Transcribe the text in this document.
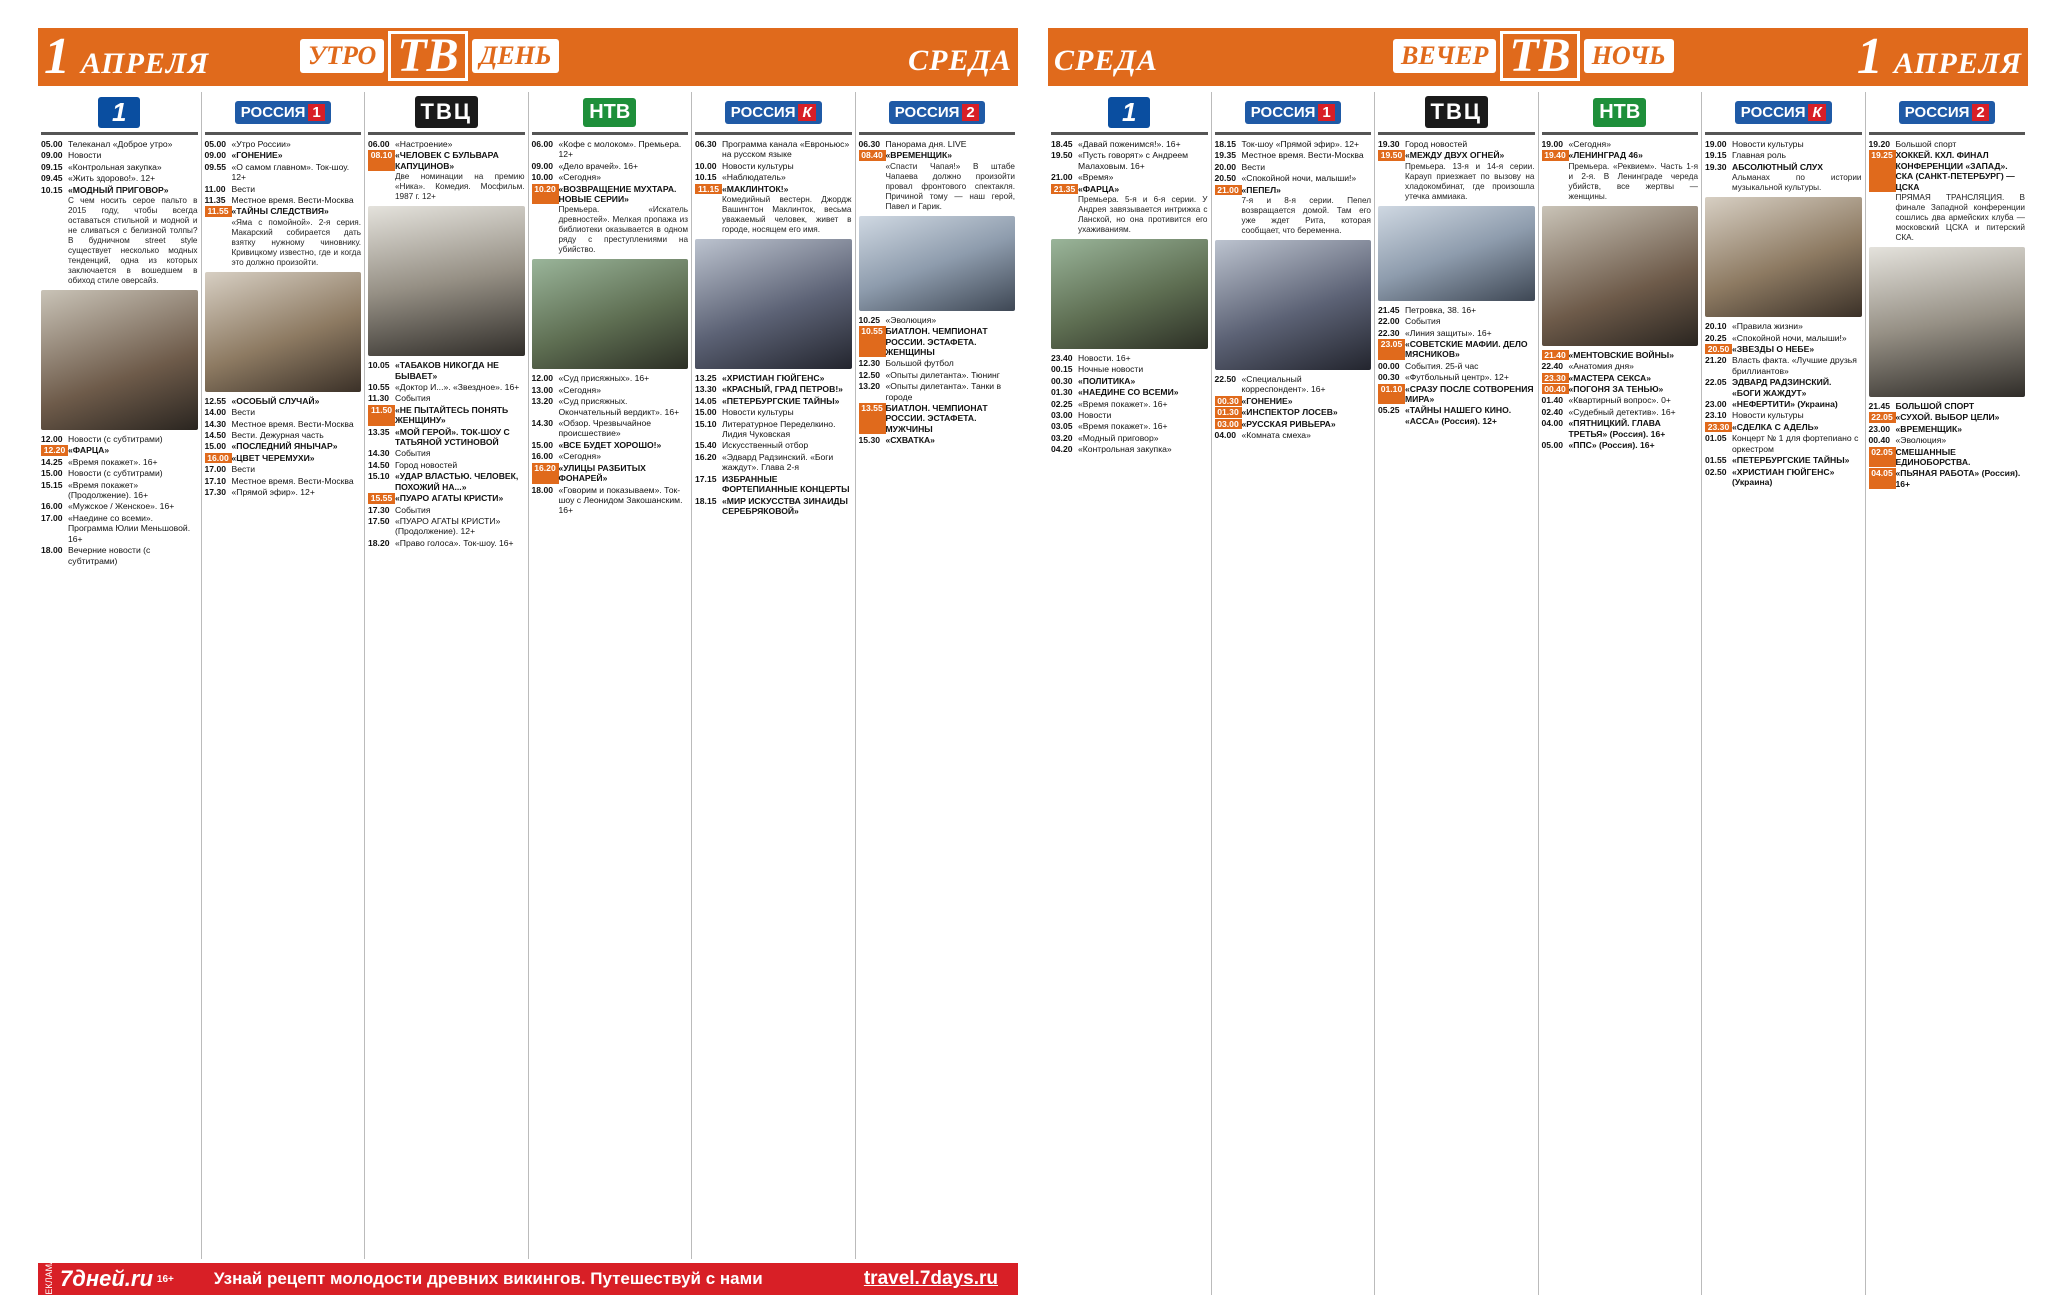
1 АПРЕЛЯ	УТРО ТВ ДЕНЬ	СРЕДА
1
05.00 Телеканал «Доброе утро»
09.00 Новости
09.15 «Контрольная закупка»
09.45 «Жить здорово!». 12+
10.15 «МОДНЫЙ ПРИГОВОР»
С чем носить серое пальто в 2015 году, чтобы всегда оставаться стильной и модной и не сливаться с белизной толпы? В будничном street style существует несколько модных тенденций, одна из которых заключается в вошедшем в обиход стиле оверсайз.
12.00 Новости (с субтитрами)
12.20 «ФАРЦА»
14.25 «Время покажет». 16+
15.00 Новости (с субтитрами)
15.15 «Время покажет» (Продолжение). 16+
16.00 «Мужское / Женское». 16+
17.00 «Наедине со всеми». Программа Юлии Меньшовой. 16+
18.00 Вечерние новости (с субтитрами)
РОССИЯ 1
05.00 «Утро России»
09.00 «ГОНЕНИЕ»
09.55 «О самом главном». Ток-шоу. 12+
11.00 Вести
11.35 Местное время. Вести-Москва
11.55 «ТАЙНЫ СЛЕДСТВИЯ»
«Яма с помойной». 2-я серия. Макарский собирается дать взятку нужному чиновнику. Кривицкому известно, где и когда это должно произойти.
12.55 «ОСОБЫЙ СЛУЧАЙ»
14.00 Вести
14.30 Местное время. Вести-Москва
14.50 Вести. Дежурная часть
15.00 «ПОСЛЕДНИЙ ЯНЫЧАР»
16.00 «ЦВЕТ ЧЕРЕМУХИ»
17.00 Вести
17.10 Местное время. Вести-Москва
17.30 «Прямой эфир». 12+
ТВЦ
06.00 «Настроение»
08.10 «ЧЕЛОВЕК С БУЛЬВАРА КАПУЦИНОВ»
Две номинации на премию «Ника». Комедия. Мосфильм. 1987 г. 12+
10.05 «ТАБАКОВ НИКОГДА НЕ БЫВАЕТ»
10.55 «Доктор И...». «Звездное». 16+
11.30 События
11.50 «НЕ ПЫТАЙТЕСЬ ПОНЯТЬ ЖЕНЩИНУ»
13.35 «МОЙ ГЕРОЙ». ТОК-ШОУ С ТАТЬЯНОЙ УСТИНОВОЙ
14.30 События
14.50 Город новостей
15.10 «УДАР ВЛАСТЬЮ. ЧЕЛОВЕК, ПОХОЖИЙ НА...»
15.55 «ПУАРО АГАТЫ КРИСТИ»
17.30 События
17.50 «ПУАРО АГАТЫ КРИСТИ» (Продолжение). 12+
18.20 «Право голоса». Ток-шоу. 16+
НТВ
06.00 «Кофе с молоком». Премьера. 12+
09.00 «Дело врачей». 16+
10.00 «Сегодня»
10.20 «ВОЗВРАЩЕНИЕ МУХТАРА. НОВЫЕ СЕРИИ»
Премьера. «Искатель древностей». Мелкая пропажа из библиотеки оказывается в одном ряду с преступлениями на убийство.
12.00 «Суд присяжных». 16+
13.00 «Сегодня»
13.20 «Суд присяжных. Окончательный вердикт». 16+
14.30 «Обзор. Чрезвычайное происшествие»
15.00 «ВСЕ БУДЕТ ХОРОШО!»
16.00 «Сегодня»
16.20 «УЛИЦЫ РАЗБИТЫХ ФОНАРЕЙ»
18.00 «Говорим и показываем». Ток-шоу с Леонидом Закошанским. 16+
РОССИЯ К
06.30 Программа канала «Евроньюс» на русском языке
10.00 Новости культуры
10.15 «Наблюдатель»
11.15 «МАКЛИНТОК!»
Комедийный вестерн. Джордж Вашингтон Маклинток, весьма уважаемый человек, живет в городе, носящем его имя.
13.25 «ХРИСТИАН ГЮЙГЕНС»
13.30 «КРАСНЫЙ, ГРАД ПЕТРОВ!»
14.05 «ПЕТЕРБУРГСКИЕ ТАЙНЫ»
15.00 Новости культуры
15.10 Литературное Переделкино. Лидия Чуковская
15.40 Искусственный отбор
16.20 «Эдвард Радзинский. «Боги жаждут». Глава 2-я
17.15 ИЗБРАННЫЕ ФОРТЕПИАННЫЕ КОНЦЕРТЫ
18.15 «МИР ИСКУССТВА ЗИНАИДЫ СЕРЕБРЯКОВОЙ»
РОССИЯ 2
06.30 Панорама дня. LIVE
08.40 «ВРЕМЕНЩИК»
«Спасти Чапая!» В штабе Чапаева должно произойти провал фронтового спектакля. Причиной тому — наш герой, Павел и Гарик.
10.25 «Эволюция»
10.55 БИАТЛОН. ЧЕМПИОНАТ РОССИИ. ЭСТАФЕТА. ЖЕНЩИНЫ
12.30 Большой футбол
12.50 «Опыты дилетанта». Тюнинг
13.20 «Опыты дилетанта». Танки в городе
13.55 БИАТЛОН. ЧЕМПИОНАТ РОССИИ. ЭСТАФЕТА. МУЖЧИНЫ
15.30 «СХВАТКА»
РЕКЛАМА 7дней.ru 16+ Узнай рецепт молодости древних викингов. Путешествуй с нами	travel.7days.ru
СРЕДА	ВЕЧЕР ТВ НОЧЬ	1 АПРЕЛЯ
1
18.45 «Давай поженимся!». 16+
19.50 «Пусть говорят» с Андреем Малаховым. 16+
21.00 «Время»
21.35 «ФАРЦА»
Премьера. 5-я и 6-я серии. У Андрея завязывается интрижка с Ланской, но она противится его ухаживаниям.
23.40 Новости. 16+
00.15 Ночные новости
00.30 «ПОЛИТИКА»
01.30 «НАЕДИНЕ СО ВСЕМИ»
02.25 «Время покажет». 16+
03.00 Новости
03.05 «Время покажет». 16+
03.20 «Модный приговор»
04.20 «Контрольная закупка»
РОССИЯ 1
18.15 Ток-шоу «Прямой эфир». 12+
19.35 Местное время. Вести-Москва
20.00 Вести
20.50 «Спокойной ночи, малыши!»
21.00 «ПЕПЕЛ»
7-я и 8-я серии. Пепел возвращается домой. Там его уже ждет Рита, которая сообщает, что беременна.
22.50 «Специальный корреспондент». 16+
00.30 «ГОНЕНИЕ»
01.30 «ИНСПЕКТОР ЛОСЕВ»
03.00 «РУССКАЯ РИВЬЕРА»
04.00 «Комната смеха»
ТВЦ
19.30 Город новостей
19.50 «МЕЖДУ ДВУХ ОГНЕЙ»
Премьера. 13-я и 14-я серии. Карауп приезжает по вызову на хладокомбинат, где произошла утечка аммиака.
21.45 Петровка, 38. 16+
22.00 События
22.30 «Линия защиты». 16+
23.05 «СОВЕТСКИЕ МАФИИ. ДЕЛО МЯСНИКОВ»
00.00 События. 25-й час
00.30 «Футбольный центр». 12+
01.10 «СРАЗУ ПОСЛЕ СОТВОРЕНИЯ МИРА»
05.25 «ТАЙНЫ НАШЕГО КИНО. «АССА» (Россия). 12+
НТВ
19.00 «Сегодня»
19.40 «ЛЕНИНГРАД 46»
Премьера. «Реквием». Часть 1-я и 2-я. В Ленинграде череда убийств, все жертвы — женщины.
21.40 «МЕНТОВСКИЕ ВОЙНЫ»
22.40 «Анатомия дня»
23.30 «МАСТЕРА СЕКСА»
00.40 «ПОГОНЯ ЗА ТЕНЬЮ»
01.40 «Квартирный вопрос». 0+
02.40 «Судебный детектив». 16+
04.00 «ПЯТНИЦКИЙ. ГЛАВА ТРЕТЬЯ» (Россия). 16+
05.00 «ППС» (Россия). 16+
РОССИЯ К
19.00 Новости культуры
19.15 Главная роль
19.30 АБСОЛЮТНЫЙ СЛУХ
Альманах по истории музыкальной культуры.
20.10 «Правила жизни»
20.25 «Спокойной ночи, малыши!»
20.50 «ЗВЕЗДЫ О НЕБЕ»
21.20 Власть факта. «Лучшие друзья бриллиантов»
22.05 ЭДВАРД РАДЗИНСКИЙ. «БОГИ ЖАЖДУТ»
23.00 «НЕФЕРТИТИ» (Украина)
23.10 Новости культуры
23.30 «СДЕЛКА С АДЕЛЬ»
01.05 Концерт № 1 для фортепиано с оркестром
01.55 «ПЕТЕРБУРГСКИЕ ТАЙНЫ»
02.50 «ХРИСТИАН ГЮЙГЕНС» (Украина)
РОССИЯ 2
19.20 Большой спорт
19.25 ХОККЕЙ. КХЛ. ФИНАЛ КОНФЕРЕНЦИИ «ЗАПАД». СКА (САНКТ-ПЕТЕРБУРГ) — ЦСКА
ПРЯМАЯ ТРАНСЛЯЦИЯ. В финале Западной конференции сошлись два армейских клуба — московский ЦСКА и питерский СКА.
21.45 БОЛЬШОЙ СПОРТ
22.05 «СУХОЙ. ВЫБОР ЦЕЛИ»
23.00 «ВРЕМЕНЩИК»
00.40 «Эволюция»
02.05 СМЕШАННЫЕ ЕДИНОБОРСТВА.
04.05 «ПЬЯНАЯ РАБОТА» (Россия). 16+
